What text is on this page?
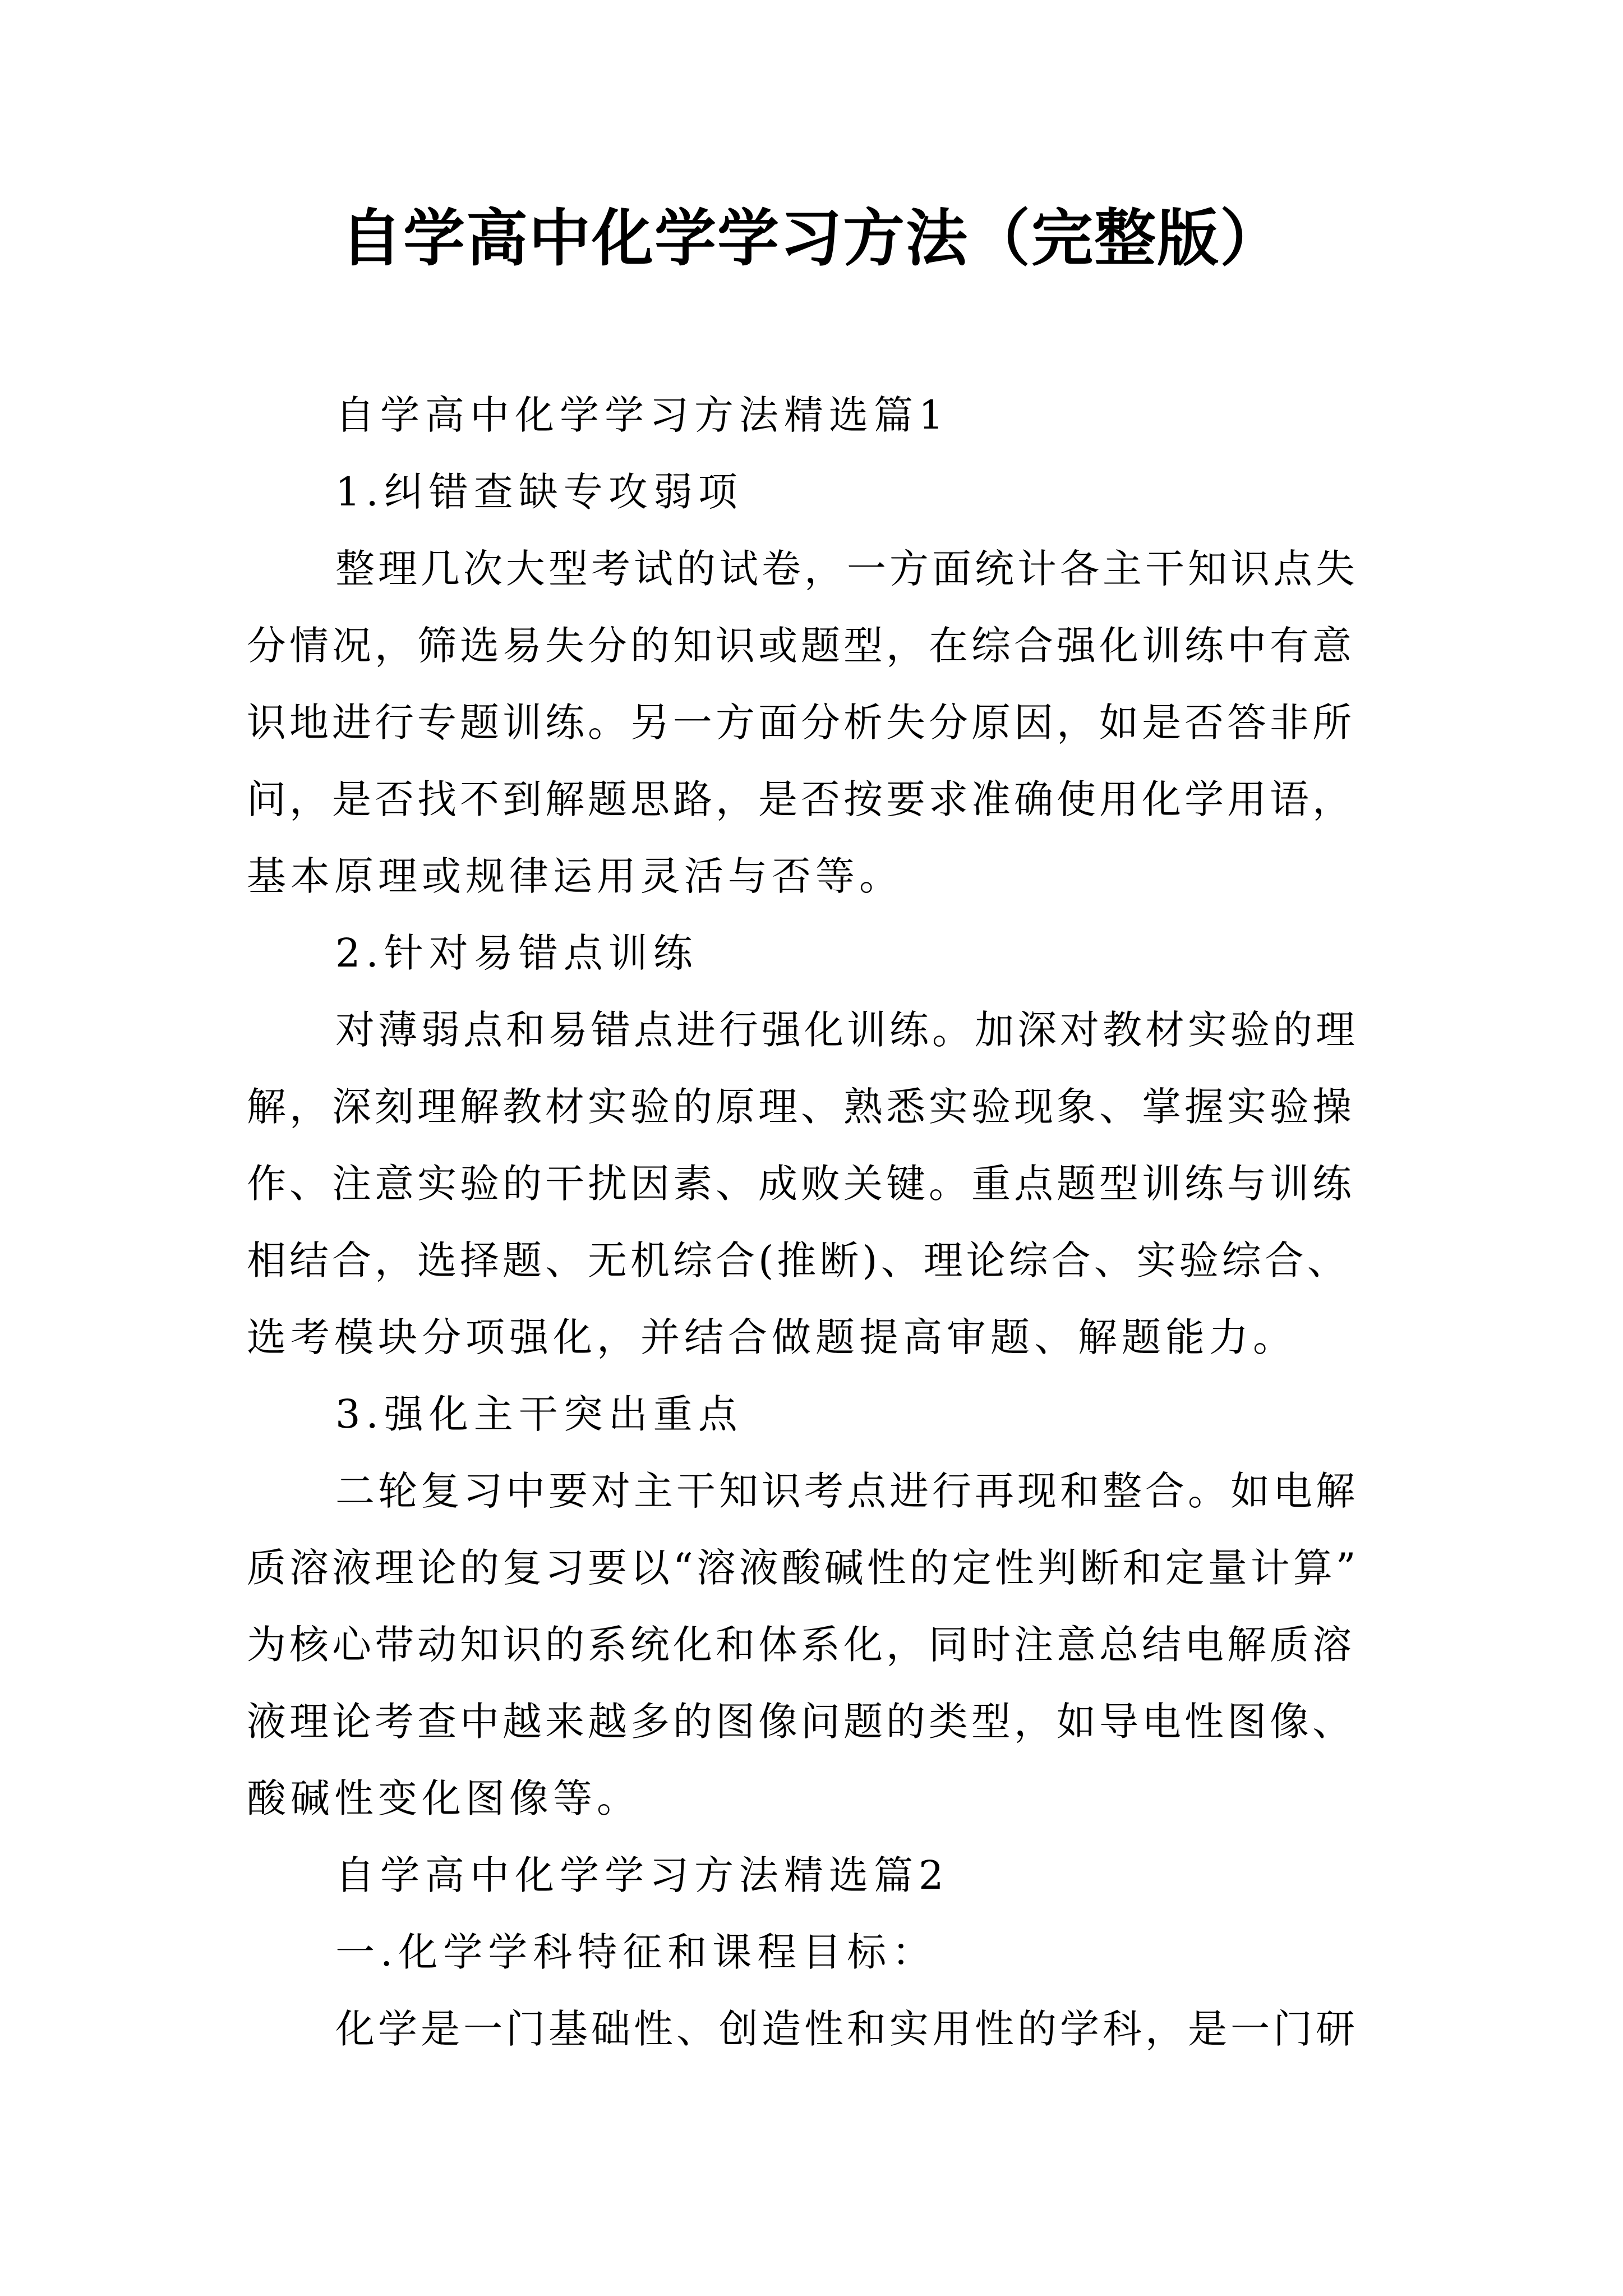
自学高中化学学习方法（完整版）

自学高中化学学习方法精选篇1

1.纠错查缺专攻弱项

整理几次大型考试的试卷，一方面统计各主干知识点失

分情况，筛选易失分的知识或题型，在综合强化训练中有意

识地进行专题训练。另一方面分析失分原因，如是否答非所

问，是否找不到解题思路，是否按要求准确使用化学用语，

基本原理或规律运用灵活与否等。

2.针对易错点训练

对薄弱点和易错点进行强化训练。加深对教材实验的理

解，深刻理解教材实验的原理、熟悉实验现象、掌握实验操

作、注意实验的干扰因素、成败关键。重点题型训练与训练

相结合，选择题、无机综合(推断)、理论综合、实验综合、

选考模块分项强化，并结合做题提高审题、解题能力。

3.强化主干突出重点

二轮复习中要对主干知识考点进行再现和整合。如电解

质溶液理论的复习要以“溶液酸碱性的定性判断和定量计算”

为核心带动知识的系统化和体系化，同时注意总结电解质溶

液理论考查中越来越多的图像问题的类型，如导电性图像、

酸碱性变化图像等。

自学高中化学学习方法精选篇2

一.化学学科特征和课程目标：

化学是一门基础性、创造性和实用性的学科，是一门研
